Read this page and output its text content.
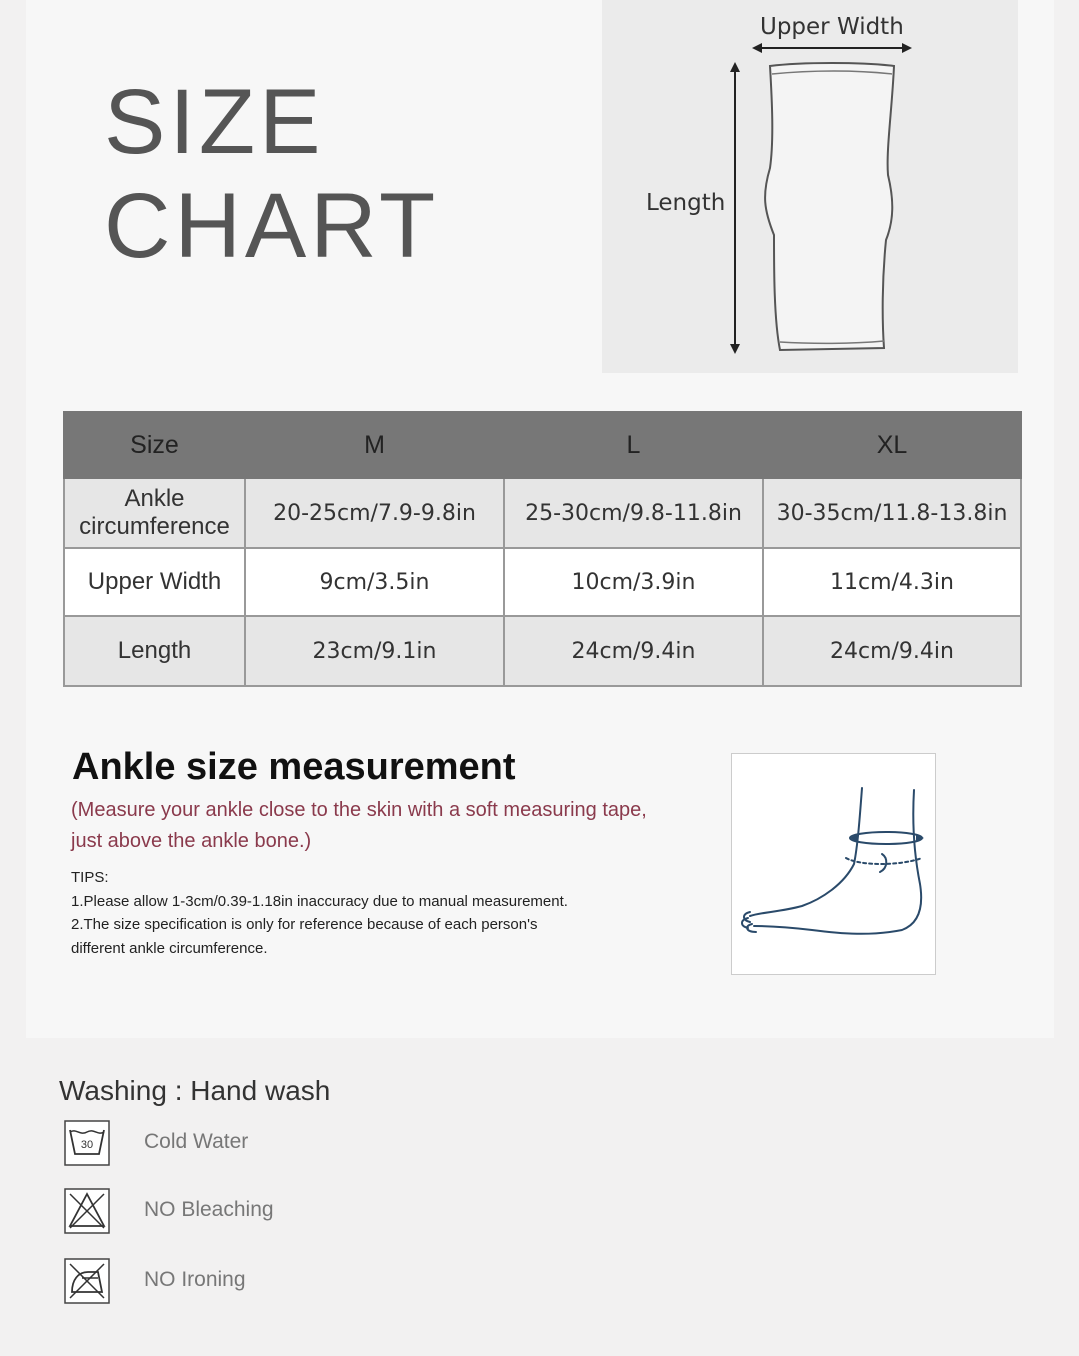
SIZE
CHART
Upper Width
Length
Size	M	L	XL
Ankle
circumference	20-25cm/7.9-9.8in	25-30cm/9.8-11.8in	30-35cm/11.8-13.8in
Upper Width	9cm/3.5in	10cm/3.9in	11cm/4.3in
Length	23cm/9.1in	24cm/9.4in	24cm/9.4in
Ankle size measurement
(Measure your ankle close to the skin with a soft measuring tape,
just above the ankle bone.)
TIPS:
1.Please allow 1-3cm/0.39-1.18in inaccuracy due to manual measurement.
2.The size specification is only for reference because of each person's
different ankle circumference.
Washing : Hand wash
30 Cold Water
NO Bleaching
NO Ironing
